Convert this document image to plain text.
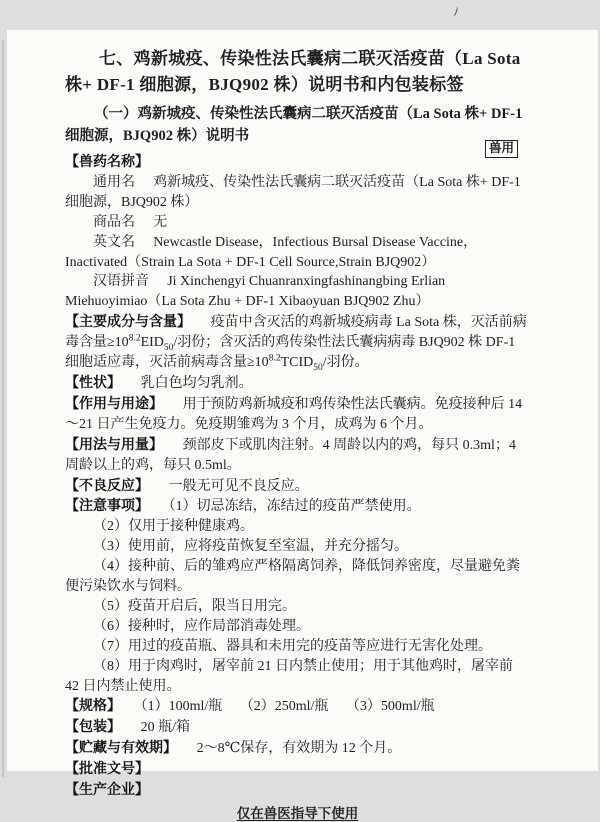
七、鸡新城疫、传染性法氏囊病二联灭活疫苗（La Sota 株+ DF-1 细胞源，BJQ902 株）说明书和内包装标签

（一）鸡新城疫、传染性法氏囊病二联灭活疫苗（La Sota 株+ DF-1 细胞源，BJQ902 株）说明书

兽用

【兽药名称】

通用名 鸡新城疫、传染性法氏囊病二联灭活疫苗（La Sota 株+ DF-1 细胞源，BJQ902 株）

商品名 无

英文名 Newcastle Disease，Infectious Bursal Disease Vaccine，Inactivated（Strain La Sota + DF-1 Cell Source,Strain BJQ902）

汉语拼音 Ji Xinchengyi Chuanranxingfashinangbing Erlian Miehuoyimiao（La Sota Zhu + DF-1 Xibaoyuan BJQ902 Zhu）

【主要成分与含量】 疫苗中含灭活的鸡新城疫病毒 La Sota 株，灭活前病毒含量$\ge 10^{8.2}EID_{50}/$羽份；含灭活的鸡传染性法氏囊病病毒 BJQ902 株 DF-1 细胞适应毒，灭活前病毒含量$\ge 10^{8.2}TCID_{50}/$羽份。

【性状】 乳白色均匀乳剂。

【作用与用途】 用于预防鸡新城疫和鸡传染性法氏囊病。免疫接种后 14～21 日产生免疫力。免疫期雏鸡为 3 个月，成鸡为 6 个月。

【用法与用量】 颈部皮下或肌肉注射。4 周龄以内的鸡，每只 0.3ml；4 周龄以上的鸡，每只 0.5ml。

【不良反应】 一般无可见不良反应。

【注意事项】 （1）切忌冻结，冻结过的疫苗严禁使用。

（2）仅用于接种健康鸡。

（3）使用前，应将疫苗恢复至室温，并充分摇匀。

（4）接种前、后的雏鸡应严格隔离饲养，降低饲养密度，尽量避免粪便污染饮水与饲料。

（5）疫苗开启后，限当日用完。

（6）接种时，应作局部消毒处理。

（7）用过的疫苗瓶、器具和未用完的疫苗等应进行无害化处理。

（8）用于肉鸡时，屠宰前 21 日内禁止使用；用于其他鸡时，屠宰前 42 日内禁止使用。

【规格】 （1）100ml/瓶　 （2）250ml/瓶　 （3）500ml/瓶

【包装】 20 瓶/箱

【贮藏与有效期】 2～8℃保存，有效期为 12 个月。

【批准文号】

【生产企业】

仅在兽医指导下使用
